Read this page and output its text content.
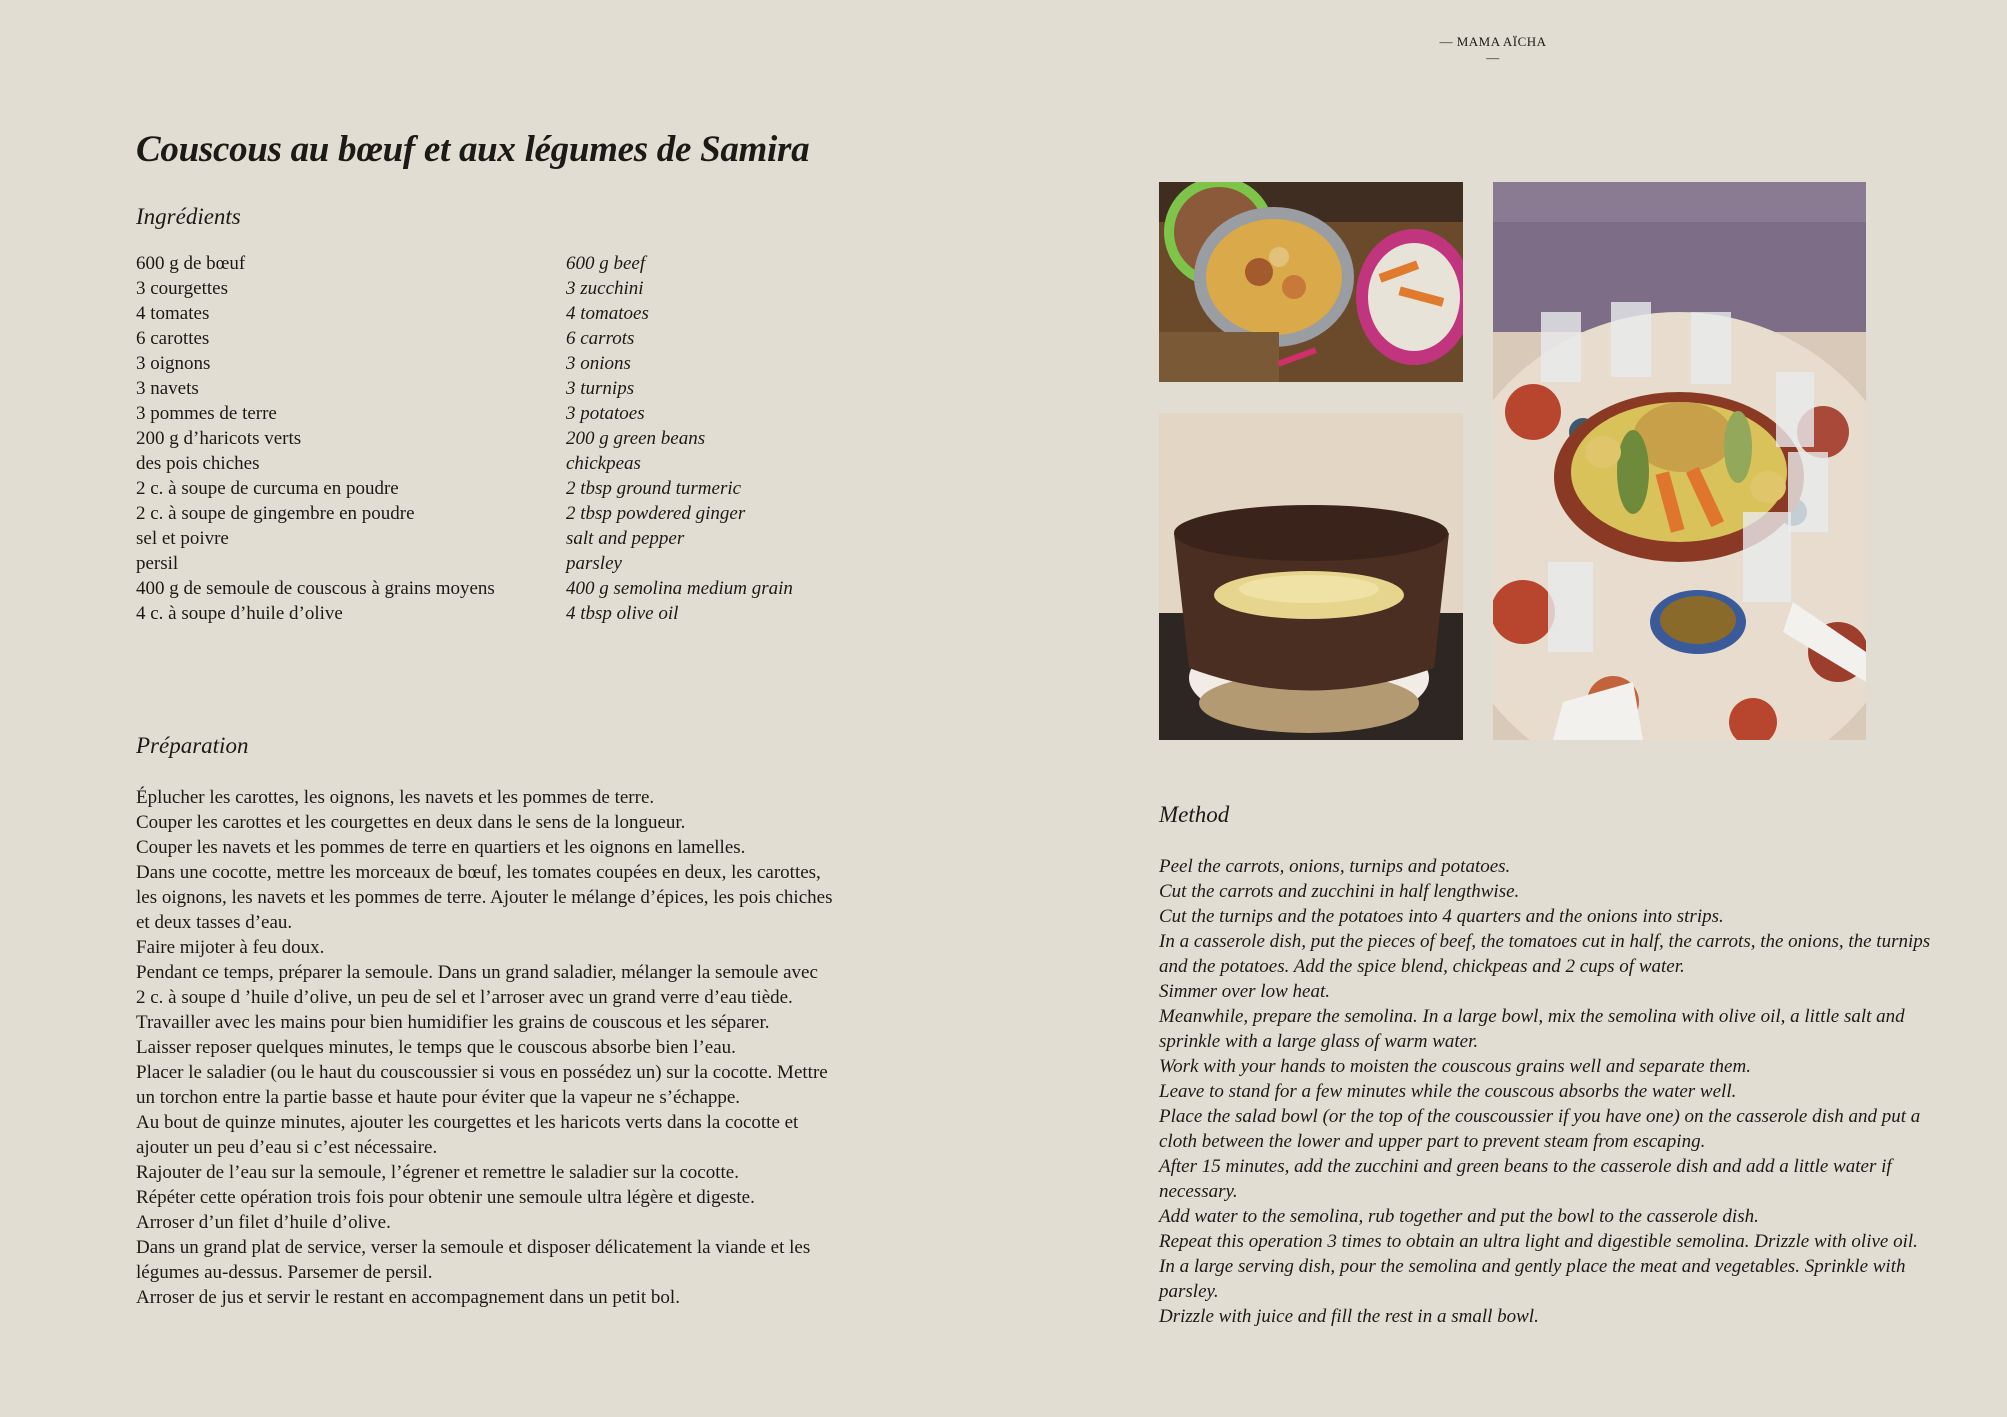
— MAMA AÏCHA —
Couscous au bœuf et aux légumes de Samira
Ingrédients
600 g de bœuf
3 courgettes
4 tomates
6 carottes
3 oignons
3 navets
3 pommes de terre
200 g d’haricots verts
des pois chiches
2 c. à soupe de curcuma en poudre
2 c. à soupe de gingembre en poudre
sel et poivre
persil
400 g de semoule de couscous à grains moyens
4 c. à soupe d’huile d’olive
600 g beef
3 zucchini
4 tomatoes
6 carrots
3 onions
3 turnips
3 potatoes
200 g green beans
chickpeas
2 tbsp ground turmeric
2 tbsp powdered ginger
salt and pepper
parsley
400 g semolina medium grain
4 tbsp olive oil
Préparation

Éplucher les carottes, les oignons, les navets et les pommes de terre.

Couper les carottes et les courgettes en deux dans le sens de la longueur.

Couper les navets et les pommes de terre en quartiers et les oignons en lamelles.

Dans une cocotte, mettre les morceaux de bœuf, les tomates coupées en deux, les carottes,

les oignons, les navets et les pommes de terre. Ajouter le mélange d’épices, les pois chiches

et deux tasses d’eau.

Faire mijoter à feu doux.

Pendant ce temps, préparer la semoule. Dans un grand saladier, mélanger la semoule avec

2 c. à soupe d ’huile d’olive, un peu de sel et l’arroser avec un grand verre d’eau tiède.

Travailler avec les mains pour bien humidifier les grains de couscous et les séparer.

Laisser reposer quelques minutes, le temps que le couscous absorbe bien l’eau.

Placer le saladier (ou le haut du couscoussier si vous en possédez un) sur la cocotte. Mettre

un torchon entre la partie basse et haute pour éviter que la vapeur ne s’échappe.

Au bout de quinze minutes, ajouter les courgettes et les haricots verts dans la cocotte et

ajouter un peu d’eau si c’est nécessaire.

Rajouter de l’eau sur la semoule, l’égrener et remettre le saladier sur la cocotte.

Répéter cette opération trois fois pour obtenir une semoule ultra légère et digeste.

Arroser d’un filet d’huile d’olive.

Dans un grand plat de service, verser la semoule et disposer délicatement la viande et les

légumes au-dessus. Parsemer de persil.

Arroser de jus et servir le restant en accompagnement dans un petit bol.

Method

Peel the carrots, onions, turnips and potatoes.

Cut the carrots and zucchini in half lengthwise.

Cut the turnips and the potatoes into 4 quarters and the onions into strips.

In a casserole dish, put the pieces of beef, the tomatoes cut in half, the carrots, the onions, the turnips

and the potatoes. Add the spice blend, chickpeas and 2 cups of water.

Simmer over low heat.

Meanwhile, prepare the semolina. In a large bowl, mix the semolina with olive oil, a little salt and

sprinkle with a large glass of warm water.

Work with your hands to moisten the couscous grains well and separate them.

Leave to stand for a few minutes while the couscous absorbs the water well.

Place the salad bowl (or the top of the couscoussier if you have one) on the casserole dish and put a

cloth between the lower and upper part to prevent steam from escaping.

After 15 minutes, add the zucchini and green beans to the casserole dish and add a little water if

necessary.

Add water to the semolina, rub together and put the bowl to the casserole dish.

Repeat this operation 3 times to obtain an ultra light and digestible semolina. Drizzle with olive oil.

In a large serving dish, pour the semolina and gently place the meat and vegetables. Sprinkle with

parsley.

Drizzle with juice and fill the rest in a small bowl.
